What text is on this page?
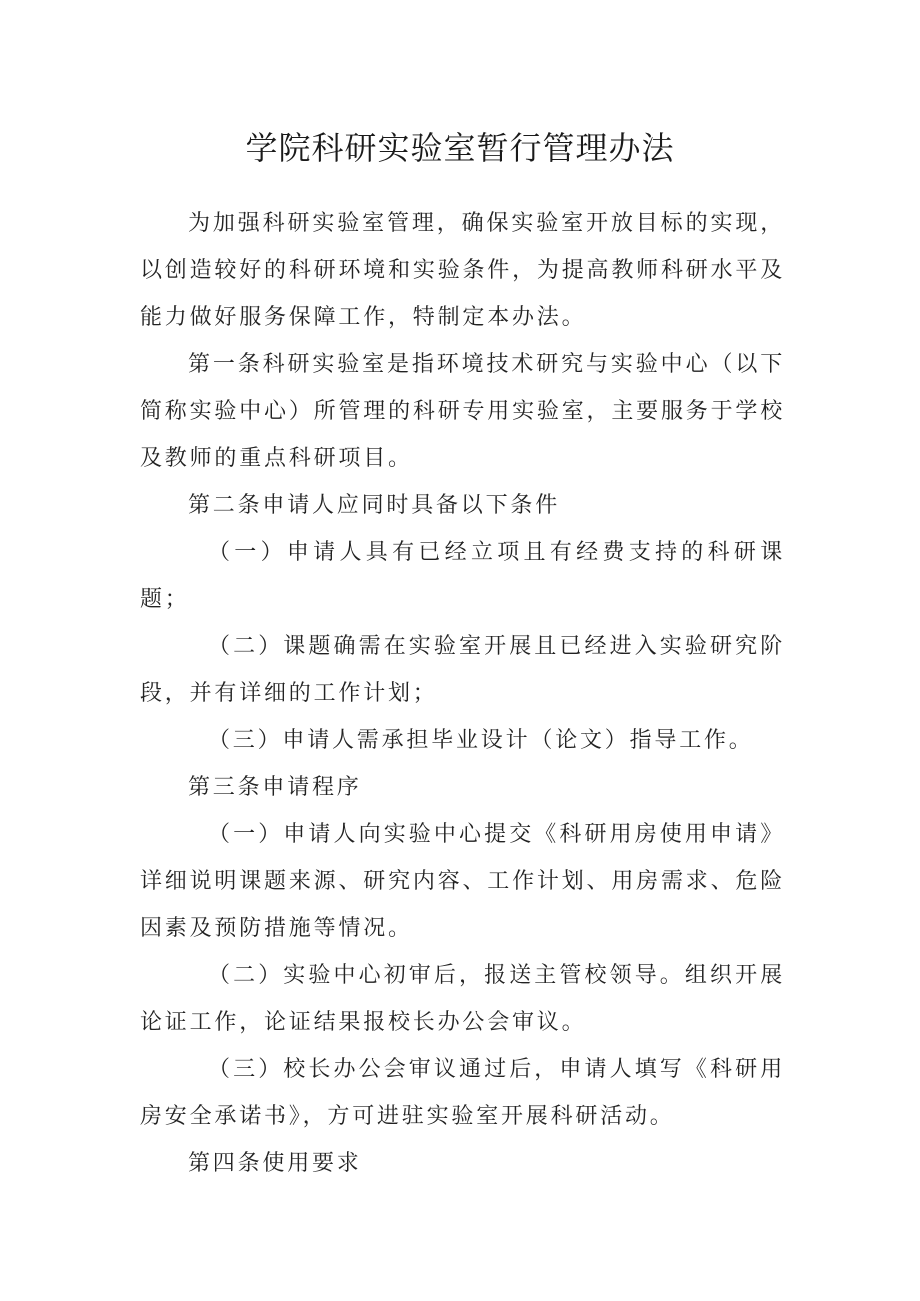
学院科研实验室暂行管理办法

为加强科研实验室管理，确保实验室开放目标的实现，以创造较好的科研环境和实验条件，为提高教师科研水平及能力做好服务保障工作，特制定本办法。

第一条科研实验室是指环境技术研究与实验中心（以下简称实验中心）所管理的科研专用实验室，主要服务于学校及教师的重点科研项目。

第二条申请人应同时具备以下条件

（一）申请人具有已经立项且有经费支持的科研课题；

（二）课题确需在实验室开展且已经进入实验研究阶段，并有详细的工作计划；

（三）申请人需承担毕业设计（论文）指导工作。

第三条申请程序

（一）申请人向实验中心提交《科研用房使用申请》详细说明课题来源、研究内容、工作计划、用房需求、危险因素及预防措施等情况。

（二）实验中心初审后，报送主管校领导。组织开展论证工作，论证结果报校长办公会审议。

（三）校长办公会审议通过后，申请人填写《科研用房安全承诺书》，方可进驻实验室开展科研活动。

第四条使用要求
